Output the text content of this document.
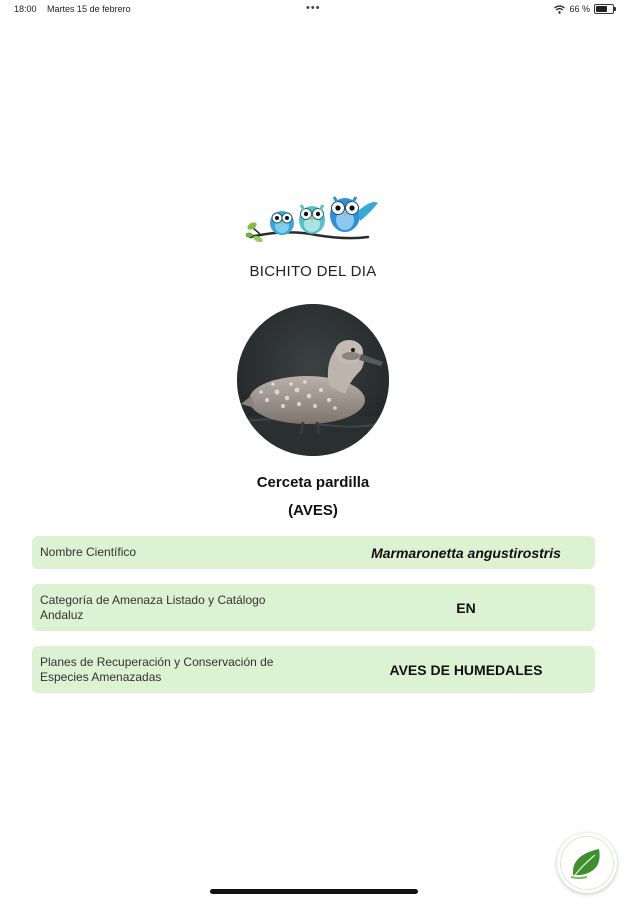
18:00 Martes 15 de febrero	•••	66 %
BICHITO DEL DIA
Cerceta pardilla
(AVES)
Nombre Científico	Marmaronetta angustirostris
Categoría de Amenaza Listado y Catálogo Andaluz	EN
Planes de Recuperación y Conservación de Especies Amenazadas	AVES DE HUMEDALES
